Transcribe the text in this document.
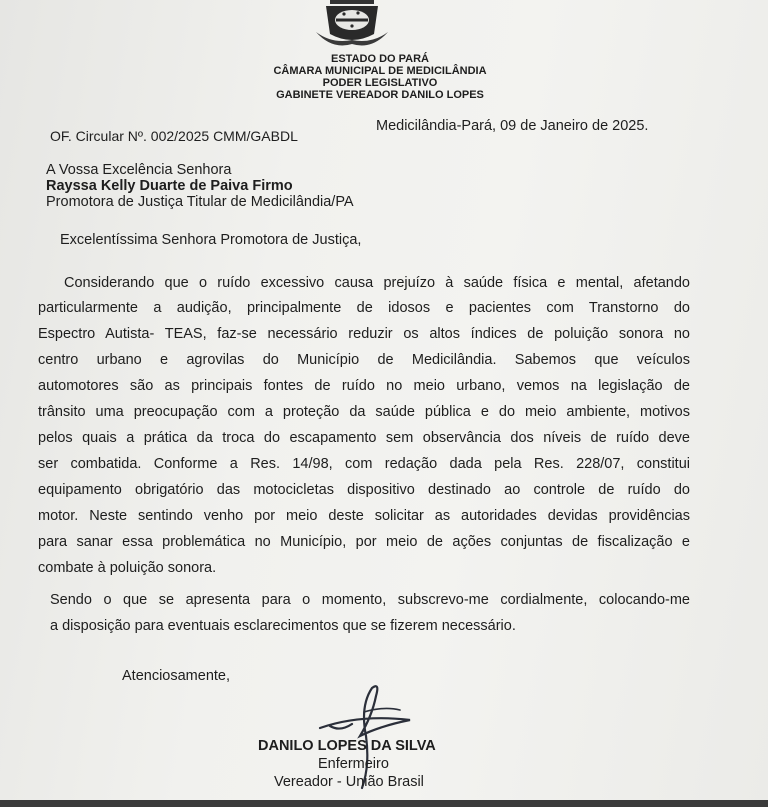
ESTADO DO PARÁ
CÂMARA MUNICIPAL DE MEDICILÂNDIA
PODER LEGISLATIVO
GABINETE VEREADOR DANILO LOPES
OF. Circular Nº. 002/2025 CMM/GABDL
Medicilândia-Pará, 09 de Janeiro de 2025.
A Vossa Excelência Senhora
Rayssa Kelly Duarte de Paiva Firmo
Promotora de Justiça Titular de Medicilândia/PA
Excelentíssima Senhora Promotora de Justiça,
Considerando que o ruído excessivo causa prejuízo à saúde física e mental, afetando
particularmente a audição, principalmente de idosos e pacientes com Transtorno do
Espectro Autista- TEAS, faz-se necessário reduzir os altos índices de poluição sonora no
centro urbano e agrovilas do Município de Medicilândia. Sabemos que veículos
automotores são as principais fontes de ruído no meio urbano, vemos na legislação de
trânsito uma preocupação com a proteção da saúde pública e do meio ambiente, motivos
pelos quais a prática da troca do escapamento sem observância dos níveis de ruído deve
ser combatida. Conforme a Res. 14/98, com redação dada pela Res. 228/07, constitui
equipamento obrigatório das motocicletas dispositivo destinado ao controle de ruído do
motor. Neste sentindo venho por meio deste solicitar as autoridades devidas providências
para sanar essa problemática no Município, por meio de ações conjuntas de fiscalização e
combate à poluição sonora.
Sendo o que se apresenta para o momento, subscrevo-me cordialmente, colocando-me
a disposição para eventuais esclarecimentos que se fizerem necessário.
Atenciosamente,
DANILO LOPES DA SILVA
Enfermeiro
Vereador - União Brasil
